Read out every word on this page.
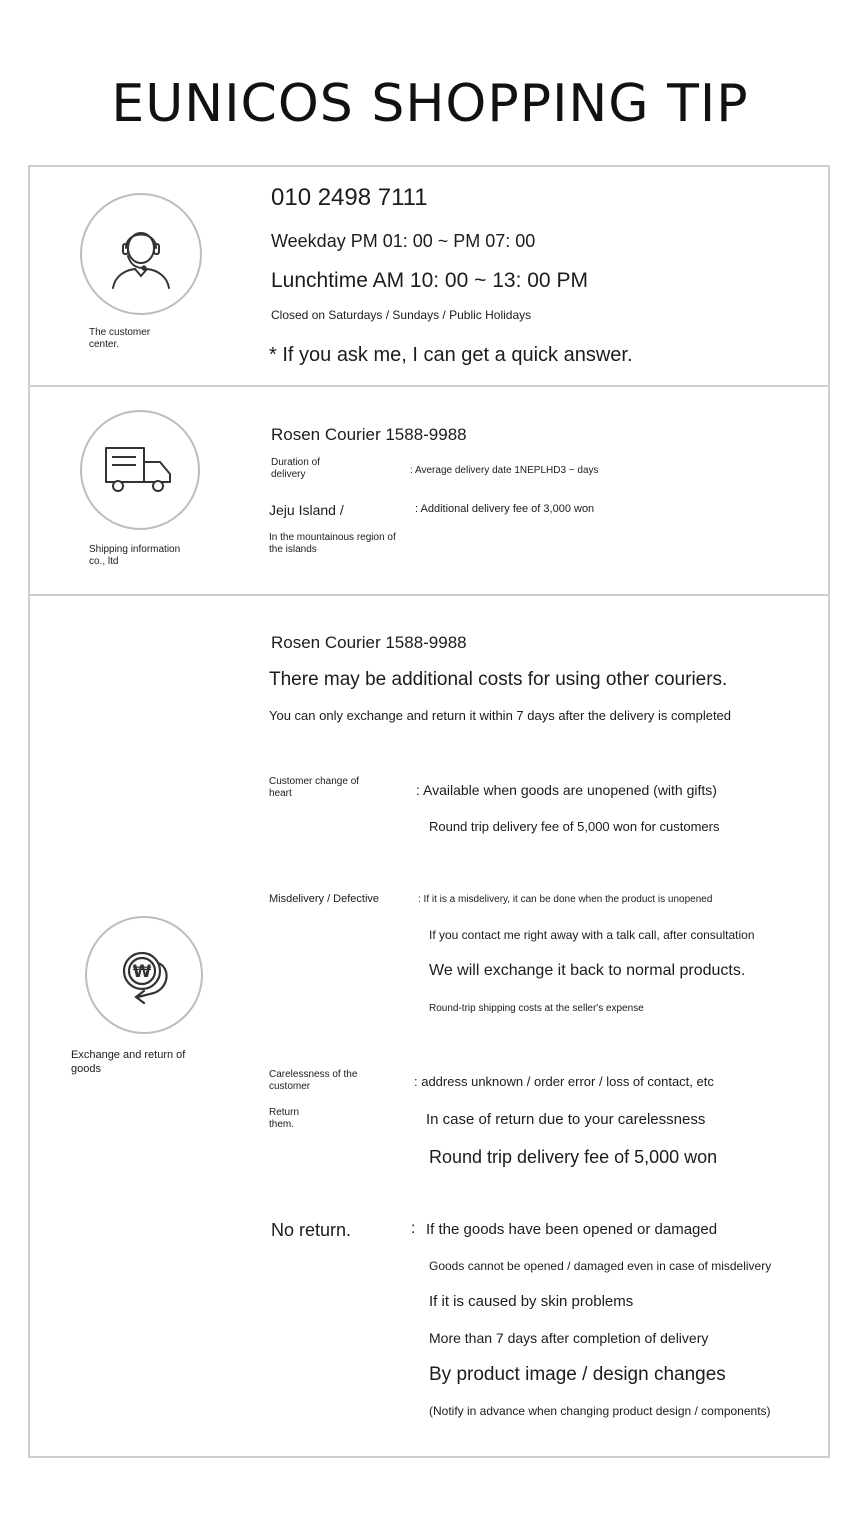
EUNICOS SHOPPING TIP
The customer center.
010 2498 7111
Weekday PM 01: 00 ~ PM 07: 00
Lunchtime AM 10: 00 ~ 13: 00 PM
Closed on Saturdays / Sundays / Public Holidays
* If you ask me, I can get a quick answer.
Shipping information co., ltd
Rosen Courier 1588-9988
Duration of delivery	: Average delivery date 1NEPLHD3 ~ days
Jeju Island /	: Additional delivery fee of 3,000 won
In the mountainous region of the islands
₩
Exchange and return of goods
Rosen Courier 1588-9988
There may be additional costs for using other couriers.
You can only exchange and return it within 7 days after the delivery is completed
Customer change of heart	: Available when goods are unopened (with gifts)
Round trip delivery fee of 5,000 won for customers
Misdelivery / Defective	: If it is a misdelivery, it can be done when the product is unopened
If you contact me right away with a talk call, after consultation
We will exchange it back to normal products.
Round-trip shipping costs at the seller's expense
Carelessness of the customer	: address unknown / order error / loss of contact, etc
Return them.	In case of return due to your carelessness
Round trip delivery fee of 5,000 won
No return.	: If the goods have been opened or damaged
Goods cannot be opened / damaged even in case of misdelivery
If it is caused by skin problems
More than 7 days after completion of delivery
By product image / design changes
(Notify in advance when changing product design / components)
